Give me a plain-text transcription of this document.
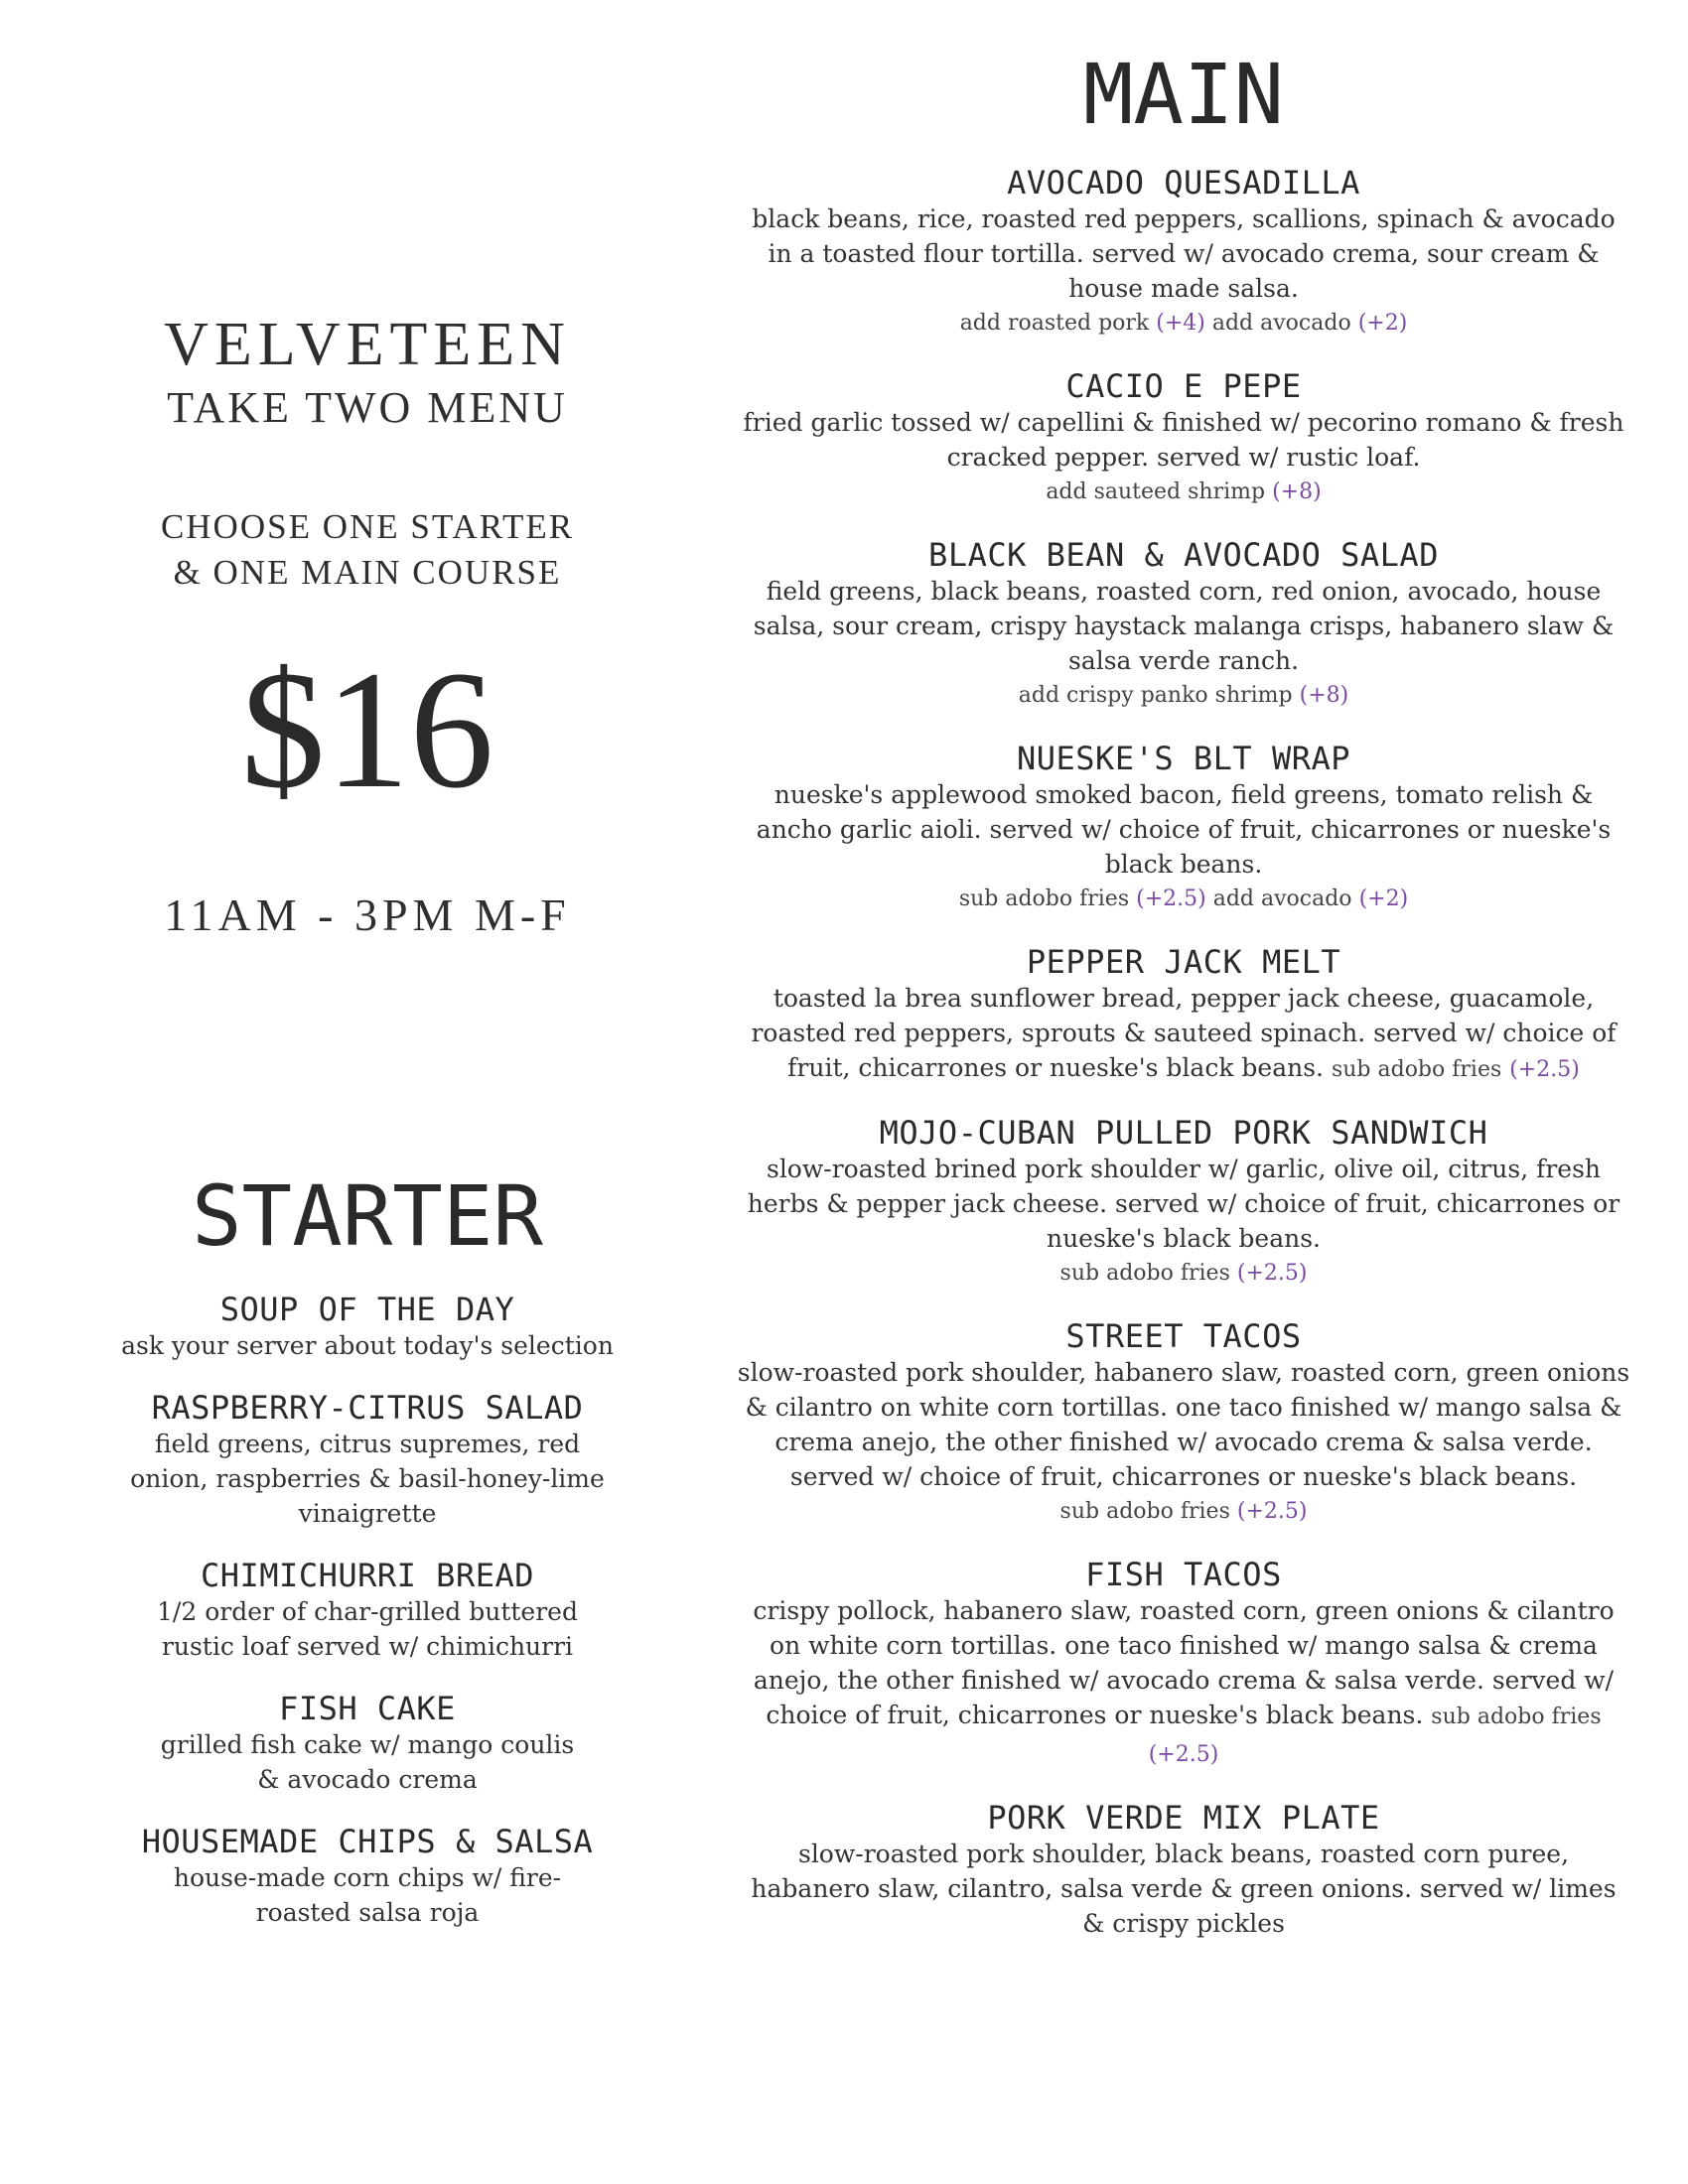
VELVETEEN
TAKE TWO MENU
CHOOSE ONE STARTER
& ONE MAIN COURSE
$16
11AM - 3PM M-F
STARTER
SOUP OF THE DAY
ask your server about today's selection
RASPBERRY-CITRUS SALAD
field greens, citrus supremes, red onion, raspberries & basil-honey-lime vinaigrette
CHIMICHURRI BREAD
1/2 order of char-grilled buttered rustic loaf served w/ chimichurri
FISH CAKE
grilled fish cake w/ mango coulis & avocado crema
HOUSEMADE CHIPS & SALSA
house-made corn chips w/ fire-roasted salsa roja
MAIN
AVOCADO QUESADILLA
black beans, rice, roasted red peppers, scallions, spinach & avocado in a toasted flour tortilla. served w/ avocado crema, sour cream & house made salsa.
add roasted pork (+4) add avocado (+2)
CACIO E PEPE
fried garlic tossed w/ capellini & finished w/ pecorino romano & fresh cracked pepper. served w/ rustic loaf.
add sauteed shrimp (+8)
BLACK BEAN & AVOCADO SALAD
field greens, black beans, roasted corn, red onion, avocado, house salsa, sour cream, crispy haystack malanga crisps, habanero slaw & salsa verde ranch.
add crispy panko shrimp (+8)
NUESKE'S BLT WRAP
nueske's applewood smoked bacon, field greens, tomato relish & ancho garlic aioli. served w/ choice of fruit, chicarrones or nueske's black beans.
sub adobo fries (+2.5) add avocado (+2)
PEPPER JACK MELT
toasted la brea sunflower bread, pepper jack cheese, guacamole, roasted red peppers, sprouts & sauteed spinach. served w/ choice of fruit, chicarrones or nueske's black beans. sub adobo fries (+2.5)
MOJO-CUBAN PULLED PORK SANDWICH
slow-roasted brined pork shoulder w/ garlic, olive oil, citrus, fresh herbs & pepper jack cheese. served w/ choice of fruit, chicarrones or nueske's black beans.
sub adobo fries (+2.5)
STREET TACOS
slow-roasted pork shoulder, habanero slaw, roasted corn, green onions & cilantro on white corn tortillas. one taco finished w/ mango salsa & crema anejo, the other finished w/ avocado crema & salsa verde. served w/ choice of fruit, chicarrones or nueske's black beans.
sub adobo fries (+2.5)
FISH TACOS
crispy pollock, habanero slaw, roasted corn, green onions & cilantro on white corn tortillas. one taco finished w/ mango salsa & crema anejo, the other finished w/ avocado crema & salsa verde. served w/ choice of fruit, chicarrones or nueske's black beans. sub adobo fries (+2.5)
PORK VERDE MIX PLATE
slow-roasted pork shoulder, black beans, roasted corn puree, habanero slaw, cilantro, salsa verde & green onions. served w/ limes & crispy pickles
